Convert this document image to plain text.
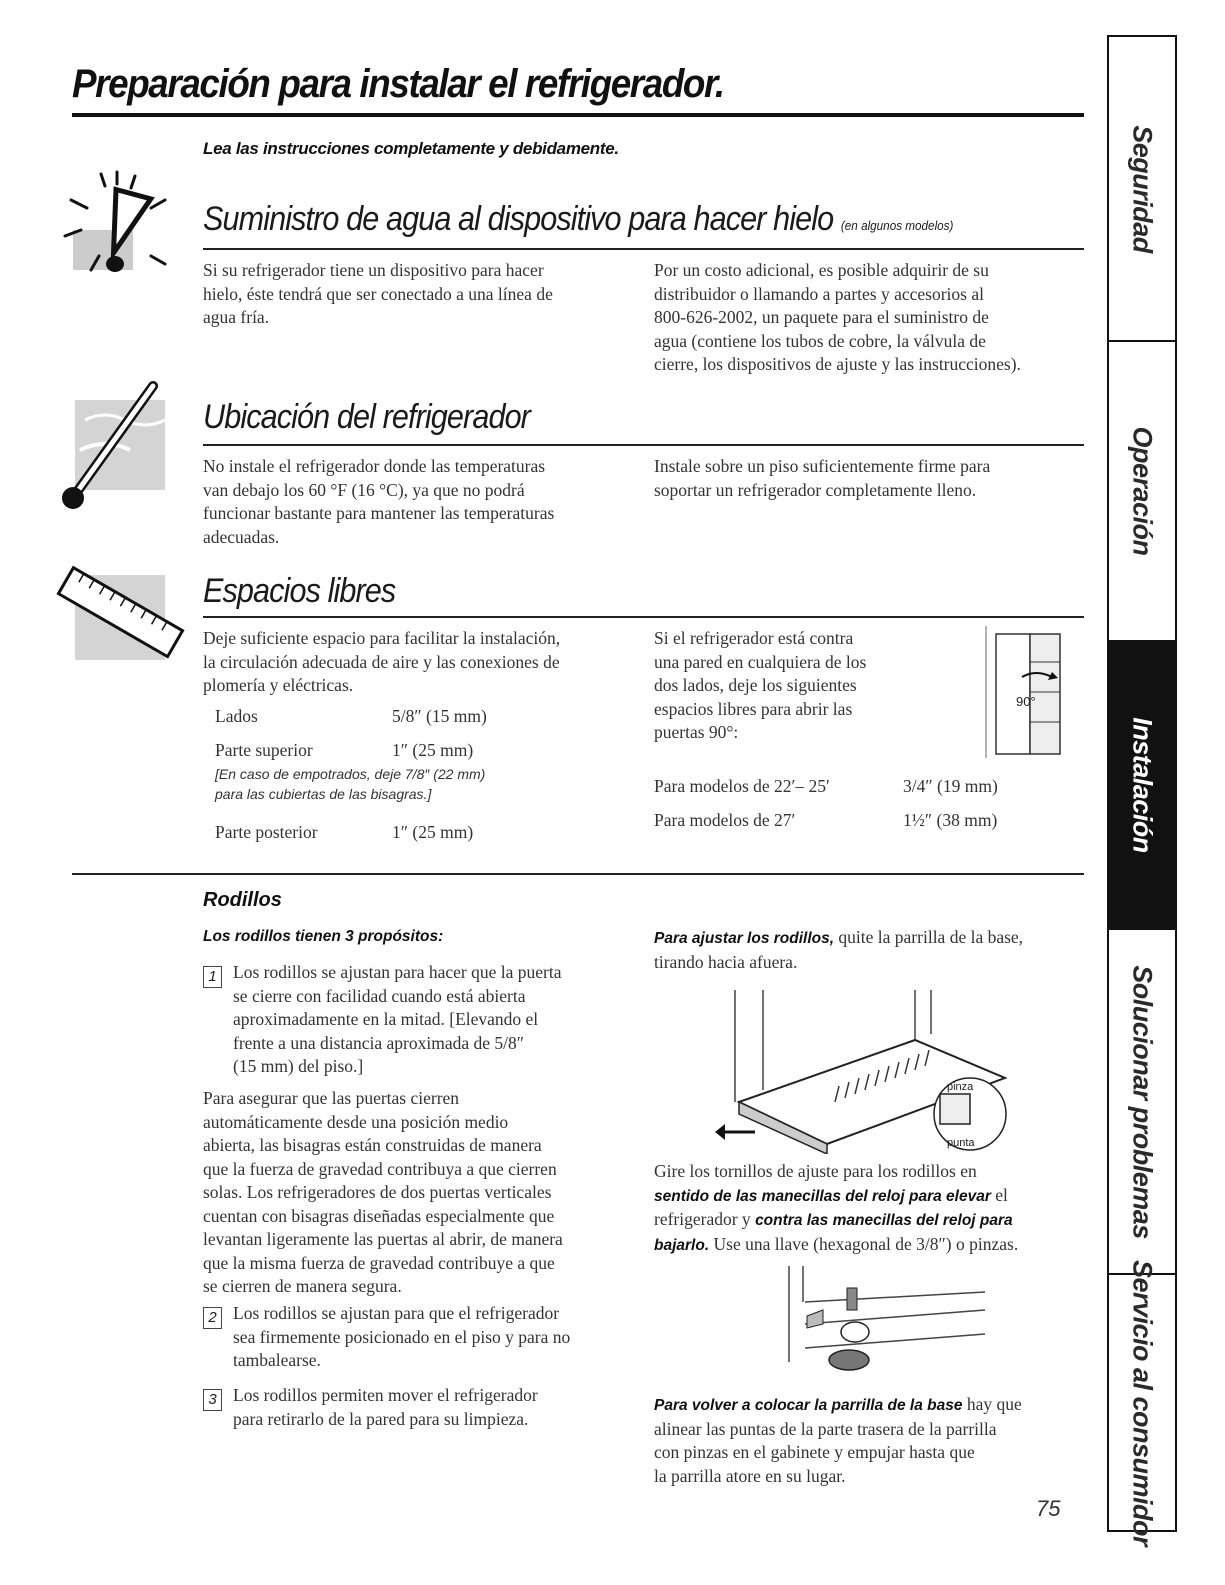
Preparación para instalar el refrigerador.
Lea las instrucciones completamente y debidamente.
Suministro de agua al dispositivo para hacer hielo (en algunos modelos)
Si su refrigerador tiene un dispositivo para hacer
hielo, éste tendrá que ser conectado a una línea de
agua fría.
Por un costo adicional, es posible adquirir de su
distribuidor o llamando a partes y accesorios al
800-626-2002, un paquete para el suministro de
agua (contiene los tubos de cobre, la válvula de
cierre, los dispositivos de ajuste y las instrucciones).
Ubicación del refrigerador
No instale el refrigerador donde las temperaturas
van debajo los 60 °F (16 °C), ya que no podrá
funcionar bastante para mantener las temperaturas
adecuadas.
Instale sobre un piso suficientemente firme para
soportar un refrigerador completamente lleno.
Espacios libres
Deje suficiente espacio para facilitar la instalación,
la circulación adecuada de aire y las conexiones de
plomería y eléctricas.
Lados	5/8″ (15 mm)
Parte superior	1″ (25 mm)
[En caso de empotrados, deje 7/8″ (22 mm)
para las cubiertas de las bisagras.]
Parte posterior	1″ (25 mm)
Si el refrigerador está contra
una pared en cualquiera de los
dos lados, deje los siguientes
espacios libres para abrir las
puertas 90°:
90°
Para modelos de 22′– 25′	3/4″ (19 mm)
Para modelos de 27′	1½″ (38 mm)
Rodillos
Los rodillos tienen 3 propósitos:
1 Los rodillos se ajustan para hacer que la puerta
se cierre con facilidad cuando está abierta
aproximadamente en la mitad. [Elevando el
frente a una distancia aproximada de 5/8″
(15 mm) del piso.]
Para asegurar que las puertas cierren
automáticamente desde una posición medio
abierta, las bisagras están construidas de manera
que la fuerza de gravedad contribuya a que cierren
solas. Los refrigeradores de dos puertas verticales
cuentan con bisagras diseñadas especialmente que
levantan ligeramente las puertas al abrir, de manera
que la misma fuerza de gravedad contribuye a que
se cierren de manera segura.
2 Los rodillos se ajustan para que el refrigerador
sea firmemente posicionado en el piso y para no
tambalearse.
3 Los rodillos permiten mover el refrigerador
para retirarlo de la pared para su limpieza.
Para ajustar los rodillos, quite la parrilla de la base,
tirando hacia afuera.
pinza
punta
Gire los tornillos de ajuste para los rodillos en
sentido de las manecillas del reloj para elevar el
refrigerador y contra las manecillas del reloj para
bajarlo. Use una llave (hexagonal de 3/8″) o pinzas.
Para volver a colocar la parrilla de la base hay que
alinear las puntas de la parte trasera de la parrilla
con pinzas en el gabinete y empujar hasta que
la parrilla atore en su lugar.
75
Seguridad
Operación
Instalación
Solucionar problemas
Servicio al consumidor
